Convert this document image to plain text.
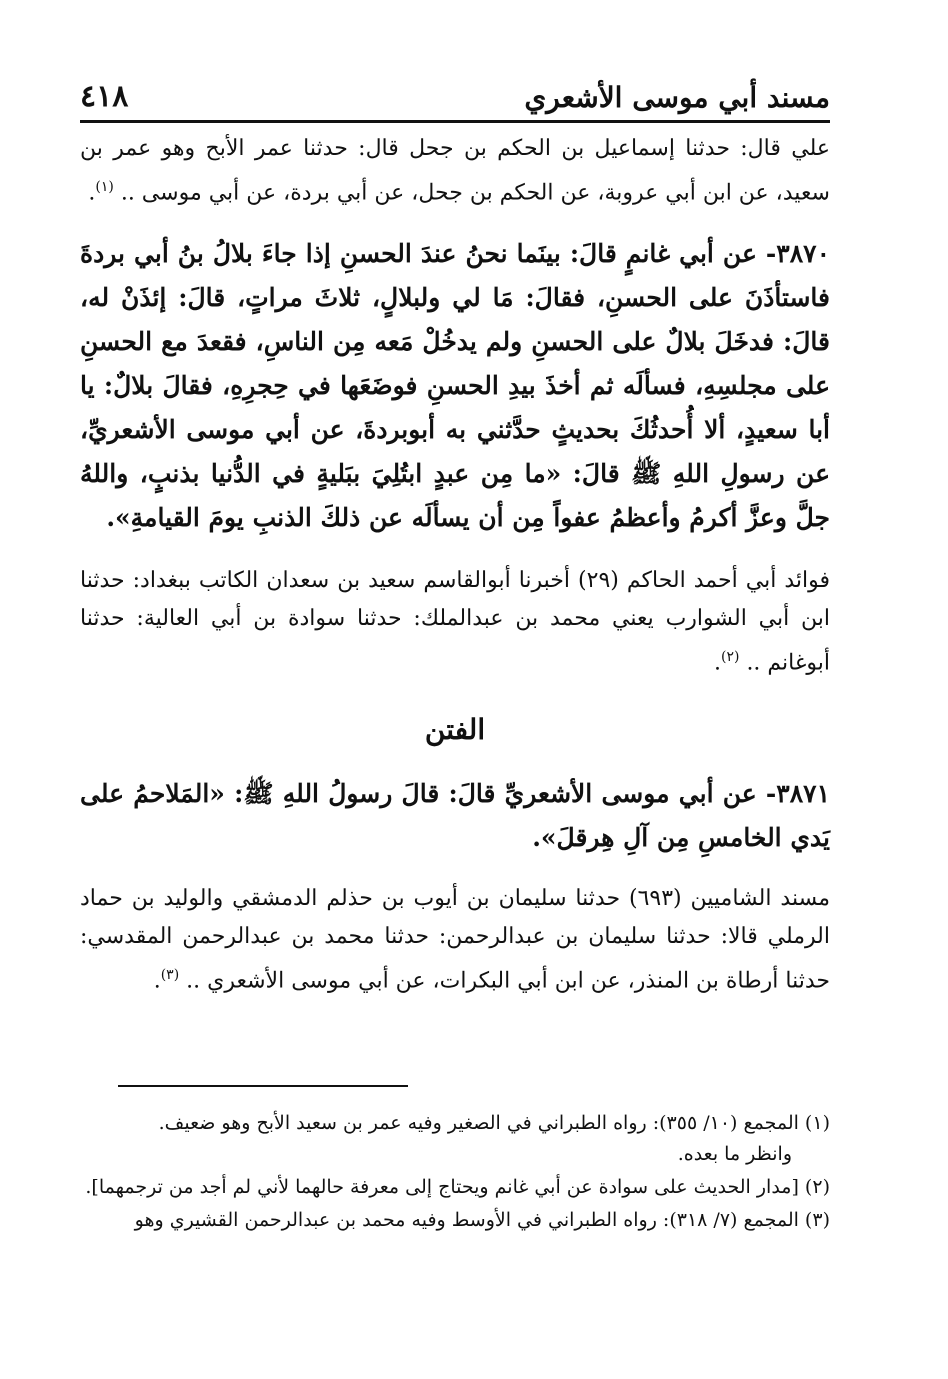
مسند أبي موسى الأشعري
٤١٨

علي قال: حدثنا إسماعيل بن الحكم بن جحل قال: حدثنا عمر الأبح وهو عمر بن سعيد، عن ابن أبي عروبة، عن الحكم بن جحل، عن أبي بردة، عن أبي موسى .. $^{(١)}$.

٣٨٧٠- عن أبي غانمٍ قالَ: بينَما نحنُ عندَ الحسنِ إذا جاءَ بلالُ بنُ أبي بردةَ فاستأذَنَ على الحسنِ، فقالَ: مَا لي ولبلالٍ، ثلاثَ مراتٍ، قالَ: إئذَنْ له، قالَ: فدخَلَ بلالٌ على الحسنِ ولم يدخُلْ مَعه مِن الناسِ، فقعدَ مع الحسنِ على مجلسِهِ، فسألَه ثم أخذَ بيدِ الحسنِ فوضَعَها في حِجرِهِ، فقالَ بلالٌ: يا أبا سعيدٍ، ألا أُحدثُكَ بحديثٍ حدَّثني به أبوبردةَ، عن أبي موسى الأشعريِّ، عن رسولِ اللهِ ﷺ قالَ: «ما مِن عبدٍ ابتُلِيَ ببَليةٍ في الدُّنيا بذنبٍ، واللهُ جلَّ وعزَّ أكرمُ وأعظمُ عفواً مِن أن يسألَه عن ذلكَ الذنبِ يومَ القيامةِ».

فوائد أبي أحمد الحاكم (٢٩) أخبرنا أبوالقاسم سعيد بن سعدان الكاتب ببغداد: حدثنا ابن أبي الشوارب يعني محمد بن عبدالملك: حدثنا سوادة بن أبي العالية: حدثنا أبوغانم .. $^{(٢)}$.

الفتن

٣٨٧١- عن أبي موسى الأشعريِّ قالَ: قالَ رسولُ اللهِ ﷺ: «المَلاحمُ على يَدي الخامسِ مِن آلِ هِرقلَ».

مسند الشاميين (٦٩٣) حدثنا سليمان بن أيوب بن حذلم الدمشقي والوليد بن حماد الرملي قالا: حدثنا سليمان بن عبدالرحمن: حدثنا محمد بن عبدالرحمن المقدسي: حدثنا أرطاة بن المنذر، عن ابن أبي البكرات، عن أبي موسى الأشعري .. $^{(٣)}$.

(١) المجمع (١٠/ ٣٥٥): رواه الطبراني في الصغير وفيه عمر بن سعيد الأبح وهو ضعيف.
وانظر ما بعده.

(٢) [مدار الحديث على سوادة عن أبي غانم ويحتاج إلى معرفة حالهما لأني لم أجد من ترجمهما].

(٣) المجمع (٧/ ٣١٨): رواه الطبراني في الأوسط وفيه محمد بن عبدالرحمن القشيري وهو
